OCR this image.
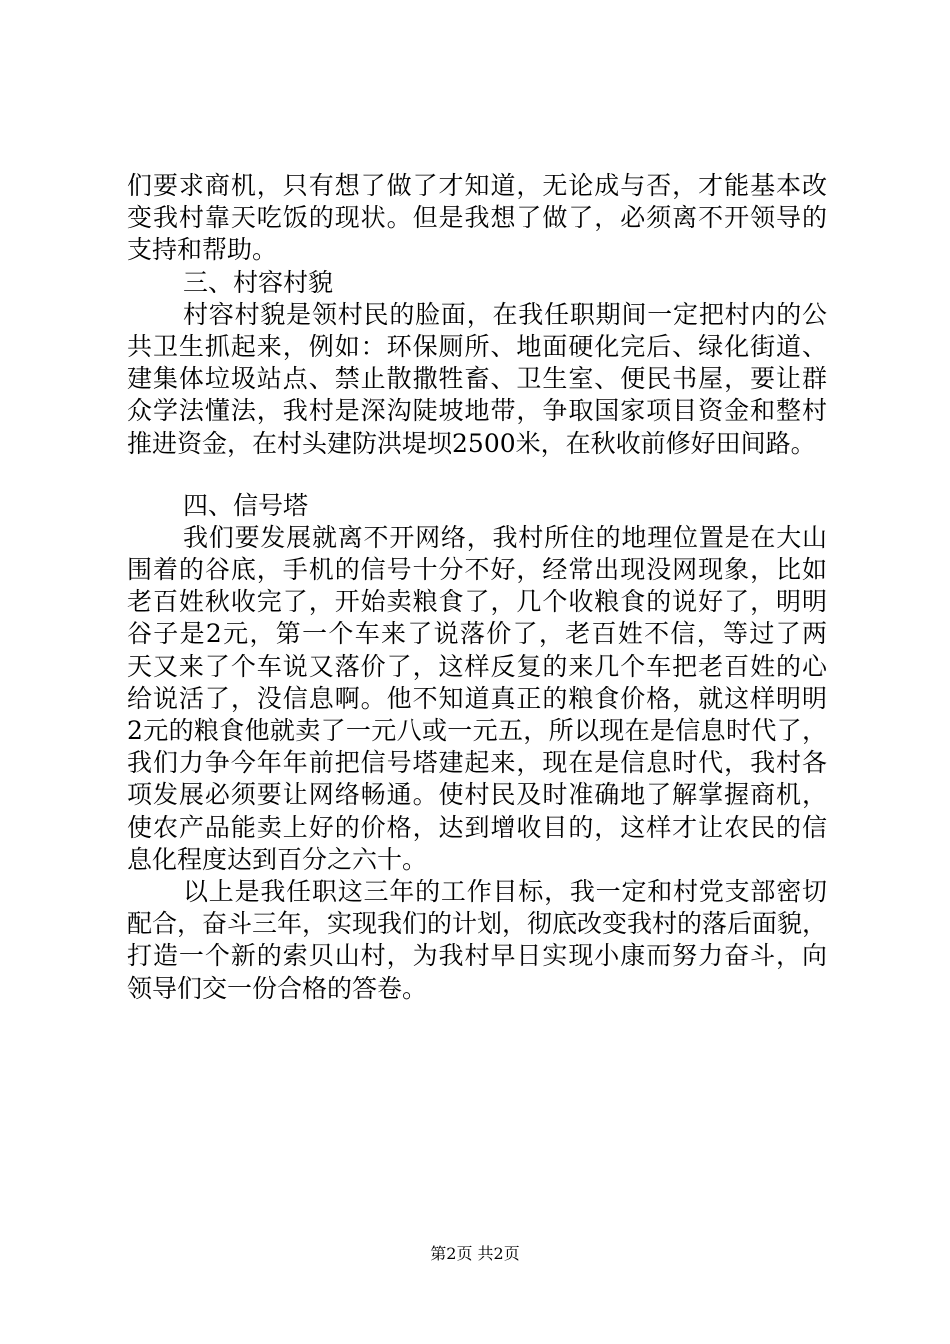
们要求商机，只有想了做了才知道，无论成与否，才能基本改
变我村靠天吃饭的现状。但是我想了做了，必须离不开领导的
支持和帮助。
三、村容村貌
村容村貌是领村民的脸面，在我任职期间一定把村内的公
共卫生抓起来，例如：环保厕所、地面硬化完后、绿化街道、
建集体垃圾站点、禁止散撒牲畜、卫生室、便民书屋，要让群
众学法懂法，我村是深沟陡坡地带，争取国家项目资金和整村
推进资金，在村头建防洪堤坝2500米，在秋收前修好田间路。
四、信号塔
我们要发展就离不开网络，我村所住的地理位置是在大山
围着的谷底，手机的信号十分不好，经常出现没网现象，比如
老百姓秋收完了，开始卖粮食了，几个收粮食的说好了，明明
谷子是2元，第一个车来了说落价了，老百姓不信，等过了两
天又来了个车说又落价了，这样反复的来几个车把老百姓的心
给说活了，没信息啊。他不知道真正的粮食价格，就这样明明
2元的粮食他就卖了一元八或一元五，所以现在是信息时代了，
我们力争今年年前把信号塔建起来，现在是信息时代，我村各
项发展必须要让网络畅通。使村民及时准确地了解掌握商机，
使农产品能卖上好的价格，达到增收目的，这样才让农民的信
息化程度达到百分之六十。
以上是我任职这三年的工作目标，我一定和村党支部密切
配合，奋斗三年，实现我们的计划，彻底改变我村的落后面貌，
打造一个新的索贝山村，为我村早日实现小康而努力奋斗，向
领导们交一份合格的答卷。
第2页 共2页
